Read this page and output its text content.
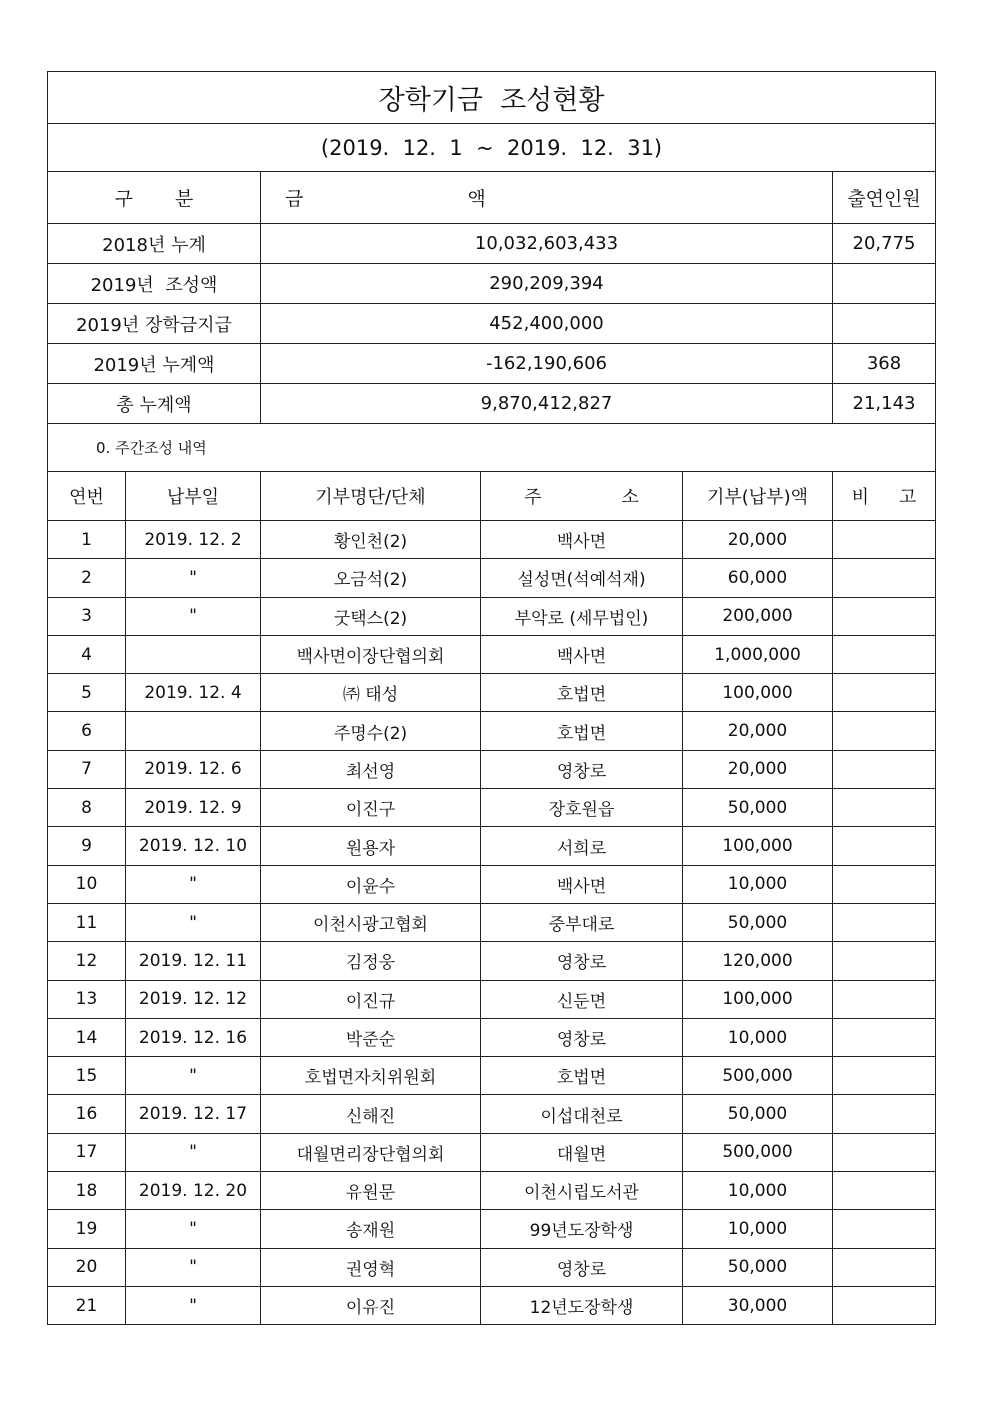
장학기금  조성현황					
(2019.  12.  1  ~  2019.  12.  31)					
구 분		금 액			출연인원
2018년 누계		10,032,603,433			20,775
2019년  조성액		290,209,394			
2019년 장학금지급		452,400,000			
2019년 누계액		-162,190,606			368
총 누계액		9,870,412,827			21,143
0. 주간조성 내역					
연번	납부일	기부명단/단체	주 소	기부(납부)액	비 고
1	2019. 12. 2	황인천(2)	백사면	20,000	
2	"	오금석(2)	설성면(석예석재)	60,000	
3	"	굿택스(2)	부악로 (세무법인)	200,000	
4		백사면이장단협의회	백사면	1,000,000	
5	2019. 12. 4	㈜ 태성	호법면	100,000	
6		주명수(2)	호법면	20,000	
7	2019. 12. 6	최선영	영창로	20,000	
8	2019. 12. 9	이진구	장호원읍	50,000	
9	2019. 12. 10	원용자	서희로	100,000	
10	"	이윤수	백사면	10,000	
11	"	이천시광고협회	중부대로	50,000	
12	2019. 12. 11	김정웅	영창로	120,000	
13	2019. 12. 12	이진규	신둔면	100,000	
14	2019. 12. 16	박준순	영창로	10,000	
15	"	호법면자치위원회	호법면	500,000	
16	2019. 12. 17	신해진	이섭대천로	50,000	
17	"	대월면리장단협의회	대월면	500,000	
18	2019. 12. 20	유원문	이천시립도서관	10,000	
19	"	송재원	99년도장학생	10,000	
20	"	권영혁	영창로	50,000	
21	"	이유진	12년도장학생	30,000	
